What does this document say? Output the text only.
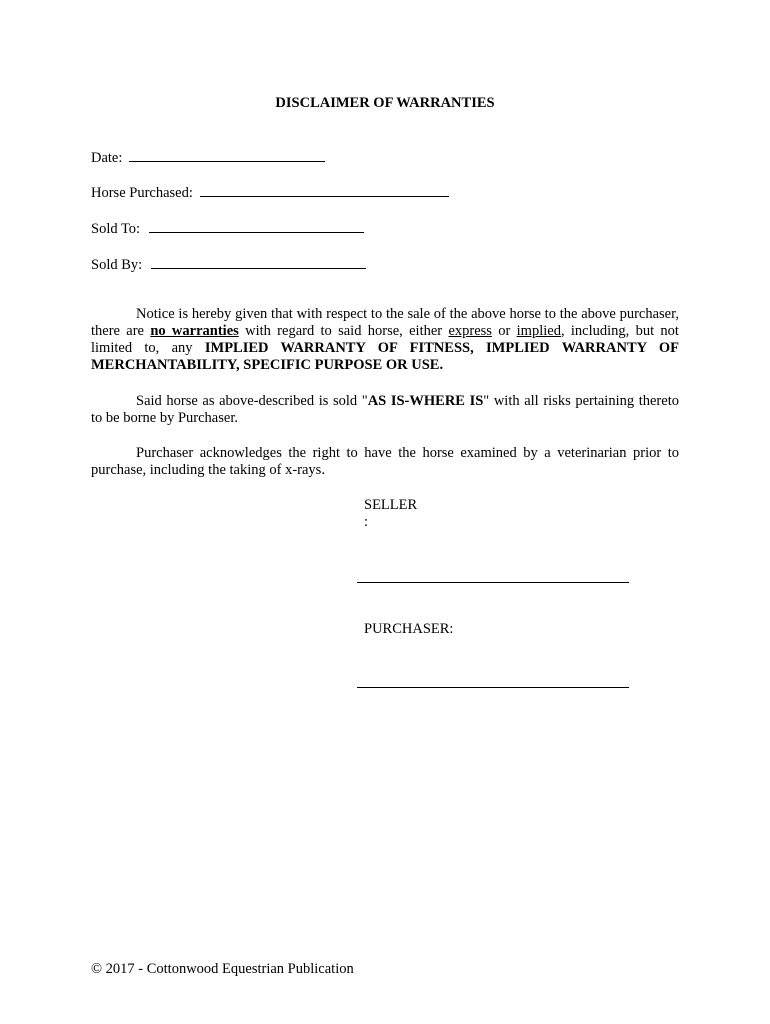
DISCLAIMER OF WARRANTIES
Date:
Horse Purchased:
Sold To:
Sold By:
Notice is hereby given that with respect to the sale of the above horse to the above purchaser, there are no warranties with regard to said horse, either express or implied, including, but not limited to, any IMPLIED WARRANTY OF FITNESS, IMPLIED WARRANTY OF MERCHANTABILITY, SPECIFIC PURPOSE OR USE.
Said horse as above-described is sold "AS IS-WHERE IS" with all risks pertaining thereto to be borne by Purchaser.
Purchaser acknowledges the right to have the horse examined by a veterinarian prior to purchase, including the taking of x-rays.
SELLER
:
PURCHASER:
© 2017 - Cottonwood Equestrian Publication
